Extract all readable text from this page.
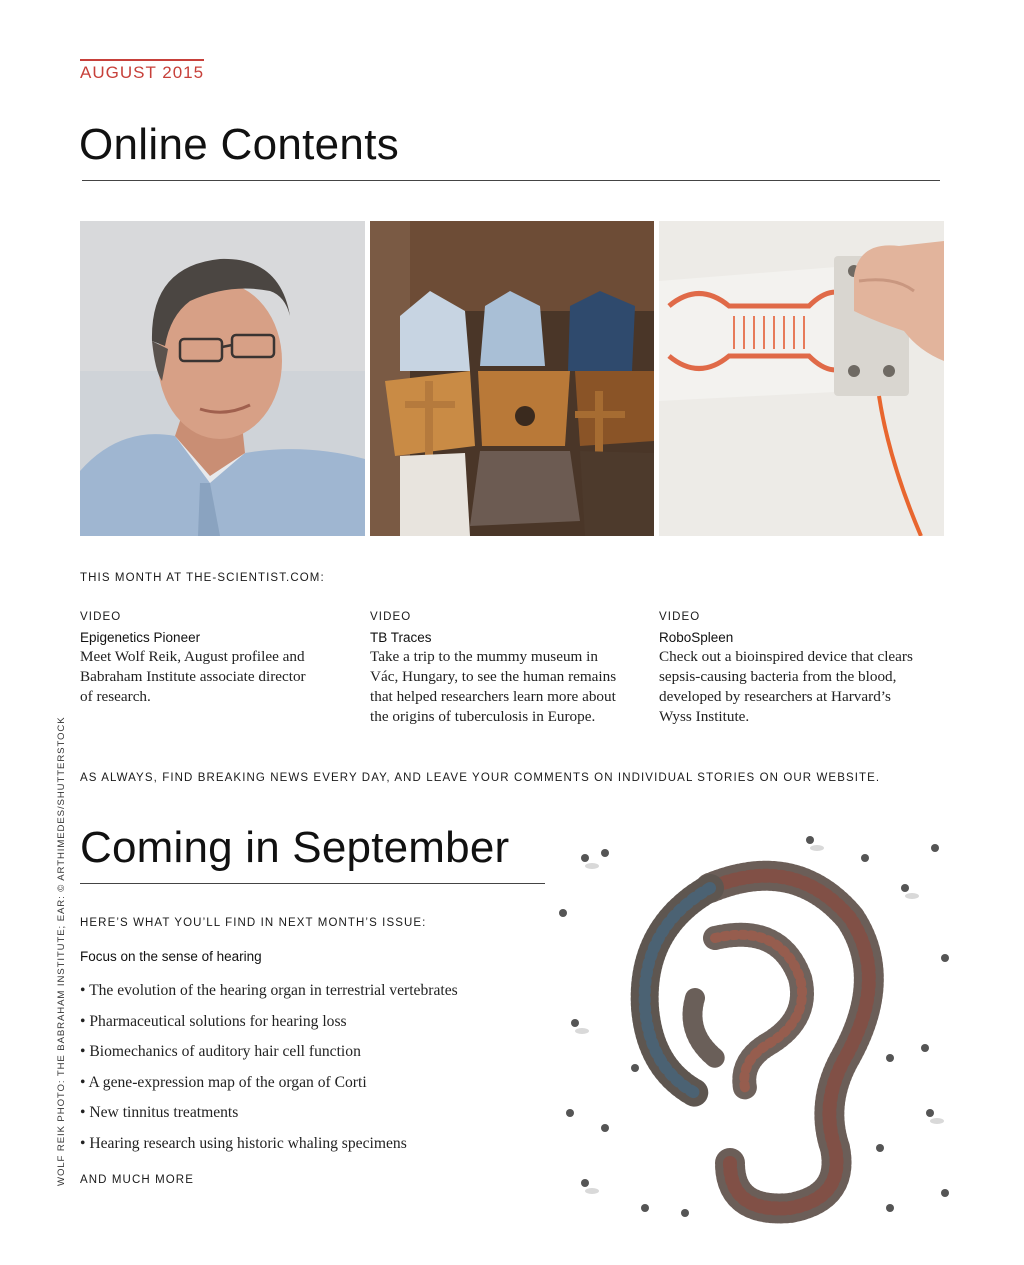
AUGUST 2015
Online Contents
THIS MONTH AT THE-SCIENTIST.COM:
VIDEO
Epigenetics Pioneer
Meet Wolf Reik, August profilee and
Babraham Institute associate director
of research.
VIDEO
TB Traces
Take a trip to the mummy museum in
Vác, Hungary, to see the human remains
that helped researchers learn more about
the origins of tuberculosis in Europe.
VIDEO
RoboSpleen
Check out a bioinspired device that clears
sepsis-causing bacteria from the blood,
developed by researchers at Harvard’s
Wyss Institute.
AS ALWAYS, FIND BREAKING NEWS EVERY DAY, AND LEAVE YOUR COMMENTS ON INDIVIDUAL STORIES ON OUR WEBSITE.
Coming in September
HERE’S WHAT YOU’LL FIND IN NEXT MONTH’S ISSUE:
Focus on the sense of hearing
• The evolution of the hearing organ in terrestrial vertebrates
• Pharmaceutical solutions for hearing loss
• Biomechanics of auditory hair cell function
• A gene-expression map of the organ of Corti
• New tinnitus treatments
• Hearing research using historic whaling specimens
AND MUCH MORE
WOLF REIK PHOTO: THE BABRAHAM INSTITUTE; EAR: © ARTHIMEDES/SHUTTERSTOCK
